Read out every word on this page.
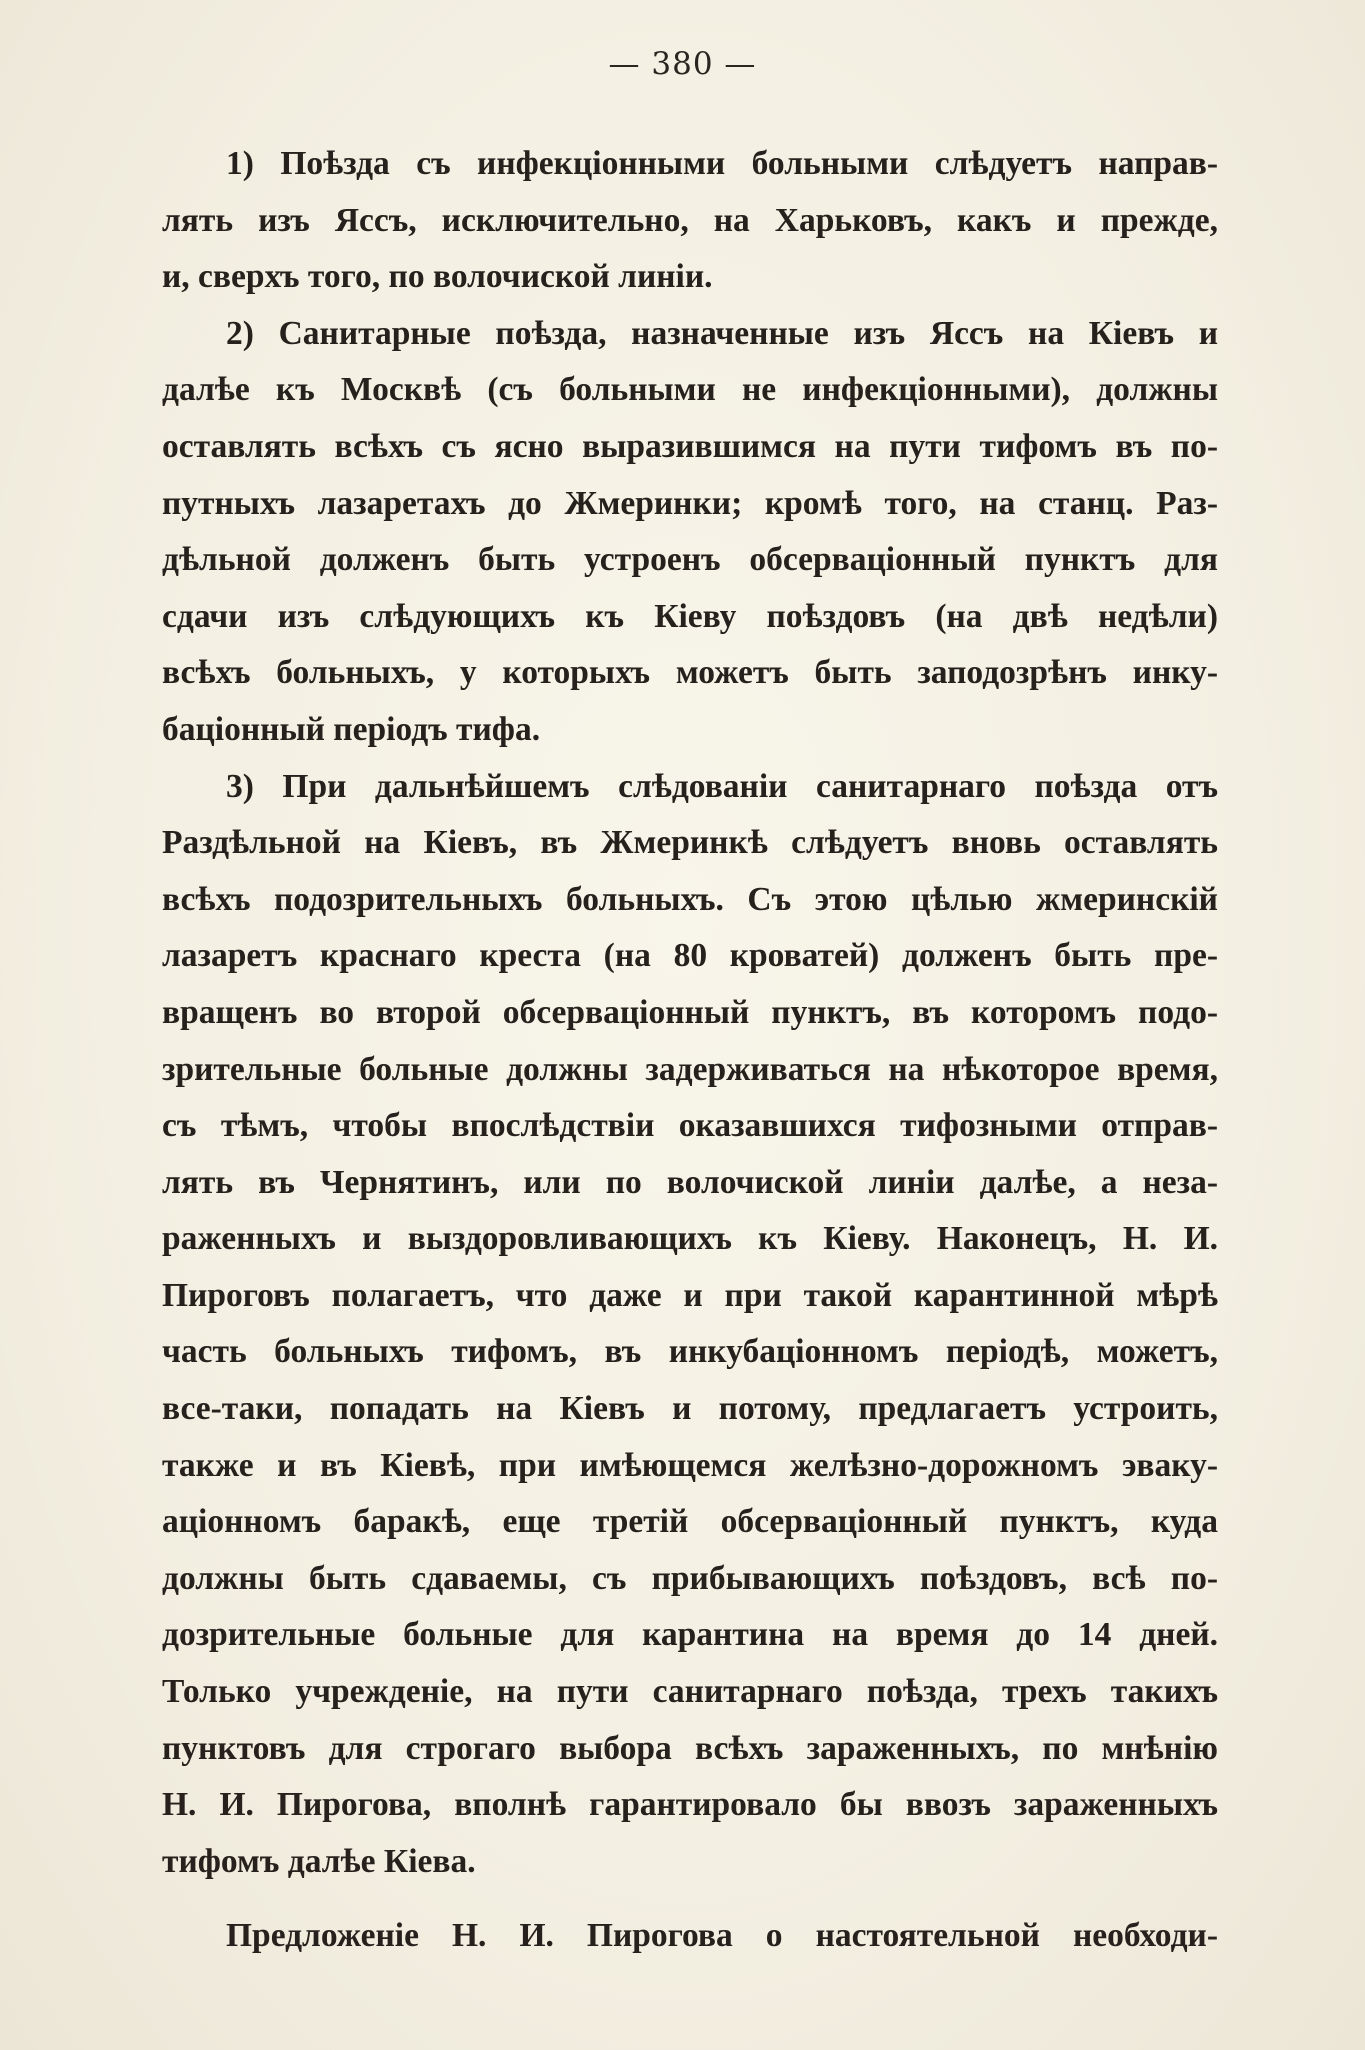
— 380 —
1) Поѣзда съ инфекціонными больными слѣдуетъ направ-
лять изъ Яссъ, исключительно, на Харьковъ, какъ и прежде,
и, сверхъ того, по волочиской линіи.
2) Санитарные поѣзда, назначенные изъ Яссъ на Кіевъ и
далѣе къ Москвѣ (съ больными не инфекціонными), должны
оставлять всѣхъ съ ясно выразившимся на пути тифомъ въ по-
путныхъ лазаретахъ до Жмеринки; кромѣ того, на станц. Раз-
дѣльной долженъ быть устроенъ обсерваціонный пунктъ для
сдачи изъ слѣдующихъ къ Кіеву поѣздовъ (на двѣ недѣли)
всѣхъ больныхъ, у которыхъ можетъ быть заподозрѣнъ инку-
баціонный періодъ тифа.
3) При дальнѣйшемъ слѣдованіи санитарнаго поѣзда отъ
Раздѣльной на Кіевъ, въ Жмеринкѣ слѣдуетъ вновь оставлять
всѣхъ подозрительныхъ больныхъ. Съ этою цѣлью жмеринскій
лазаретъ краснаго креста (на 80 кроватей) долженъ быть пре-
вращенъ во второй обсерваціонный пунктъ, въ которомъ подо-
зрительные больные должны задерживаться на нѣкоторое время,
съ тѣмъ, чтобы впослѣдствіи оказавшихся тифозными отправ-
лять въ Чернятинъ, или по волочиской линіи далѣе, а неза-
раженныхъ и выздоровливающихъ къ Кіеву. Наконецъ, Н. И.
Пироговъ полагаетъ, что даже и при такой карантинной мѣрѣ
часть больныхъ тифомъ, въ инкубаціонномъ періодѣ, можетъ,
все-таки, попадать на Кіевъ и потому, предлагаетъ устроить,
также и въ Кіевѣ, при имѣющемся желѣзно-дорожномъ эваку-
аціонномъ баракѣ, еще третій обсерваціонный пунктъ, куда
должны быть сдаваемы, съ прибывающихъ поѣздовъ, всѣ по-
дозрительные больные для карантина на время до 14 дней.
Только учрежденіе, на пути санитарнаго поѣзда, трехъ такихъ
пунктовъ для строгаго выбора всѣхъ зараженныхъ, по мнѣнію
Н. И. Пирогова, вполнѣ гарантировало бы ввозъ зараженныхъ
тифомъ далѣе Кіева.
Предложеніе Н. И. Пирогова о настоятельной необходи-
